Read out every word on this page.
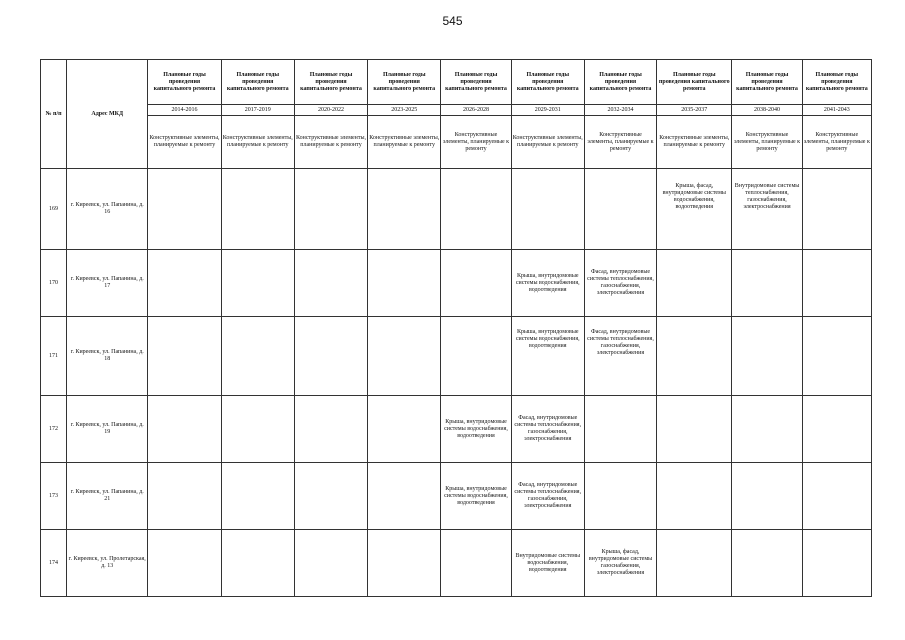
545
№ п/п	Адрес МКД	Плановые годы проведения капитального ремонта	Плановые годы проведения капитального ремонта	Плановые годы проведения капитального ремонта	Плановые годы проведения капитального ремонта	Плановые годы проведения капитального ремонта	Плановые годы проведения капитального ремонта	Плановые годы проведения капитального ремонта	Плановые годы проведения капитального ремонта	Плановые годы проведения капитального ремонта	Плановые годы проведения капитального ремонта
		2014-2016	2017-2019	2020-2022	2023-2025	2026-2028	2029-2031	2032-2034	2035-2037	2038-2040	2041-2043
		Конструктивные элементы, планируемые к ремонту	Конструктивные элементы, планируемые к ремонту	Конструктивные элементы, планируемые к ремонту	Конструктивные элементы, планируемые к ремонту	Конструктивные элементы, планируемые к ремонту	Конструктивные элементы, планируемые к ремонту	Конструктивные элементы, планируемые к ремонту	Конструктивные элементы, планируемые к ремонту	Конструктивные элементы, планируемые к ремонту	Конструктивные элементы, планируемые к ремонту
169	г. Киреевск, ул. Папанина, д. 16								Крыша, фасад, внутридомовые системы водоснабжения, водоотведения	Внутридомовые системы теплоснабжения, газоснабжения, электроснабжения	
170	г. Киреевск, ул. Папанина, д. 17						Крыша, внутридомовые системы водоснабжения, водоотведения	Фасад, внутридомовые системы теплоснабжения, газоснабжения, электроснабжения			
171	г. Киреевск, ул. Папанина, д. 18						Крыша, внутридомовые системы водоснабжения, водоотведения	Фасад, внутридомовые системы теплоснабжения, газоснабжения, электроснабжения			
172	г. Киреевск, ул. Папанина, д. 19					Крыша, внутридомовые системы водоснабжения, водоотведения	Фасад, внутридомовые системы теплоснабжения, газоснабжения, электроснабжения				
173	г. Киреевск, ул. Папанина, д. 21					Крыша, внутридомовые системы водоснабжения, водоотведения	Фасад, внутридомовые системы теплоснабжения, газоснабжения, электроснабжения				
174	г. Киреевск, ул. Пролетарская, д. 13						Внутридомовые системы водоснабжения, водоотведения	Крыша, фасад, внутридомовые системы газоснабжения, электроснабжения			
